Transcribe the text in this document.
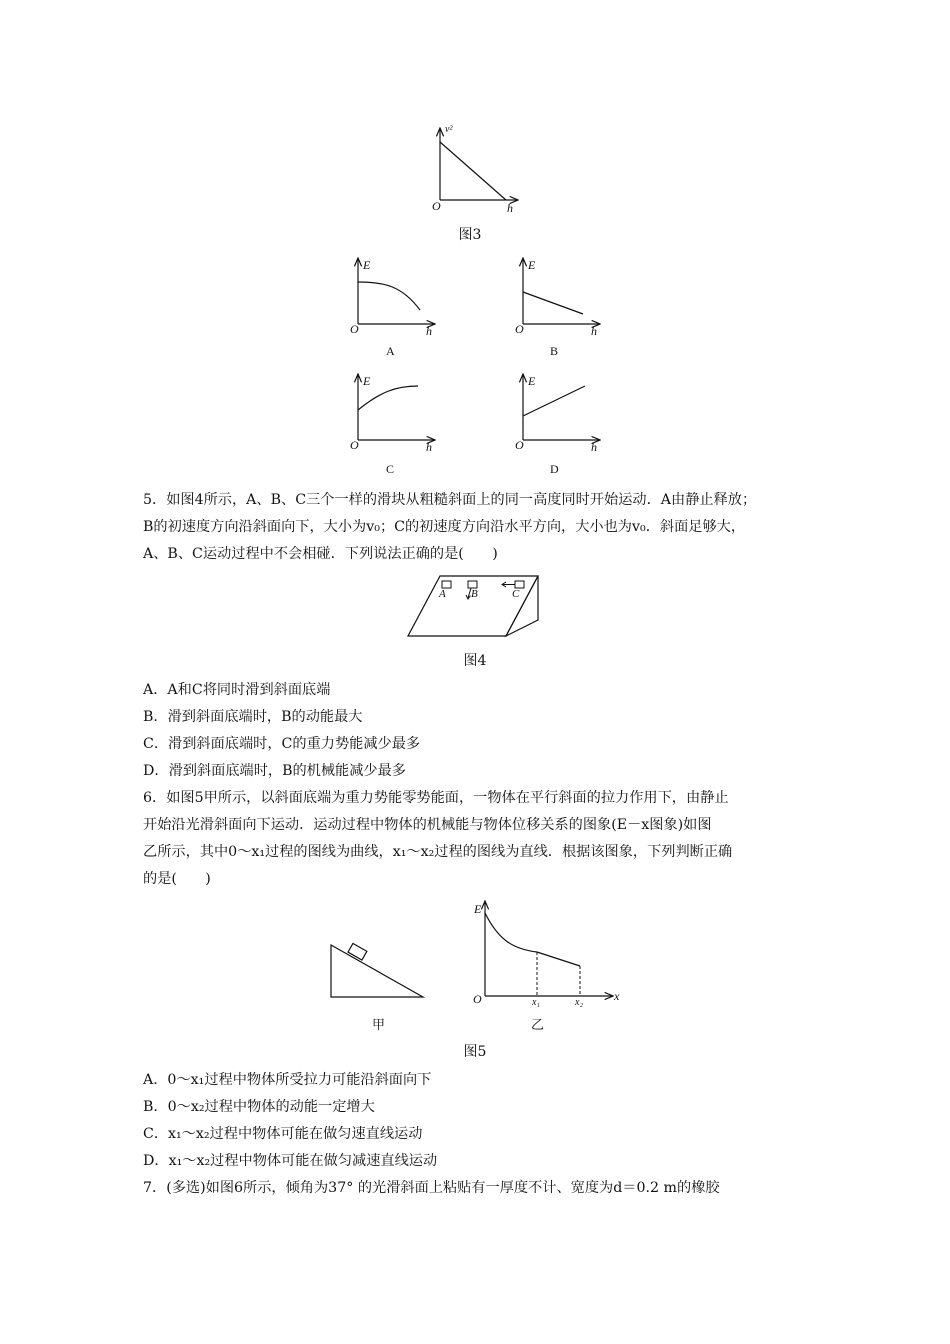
v²
O	h
图3
E
O	h
A
E
O	h
B
E
O	h
C
E
O	h
D
5．如图4所示，A、B、C三个一样的滑块从粗糙斜面上的同一高度同时开始运动．A由静止释放；
B的初速度方向沿斜面向下，大小为v₀；C的初速度方向沿水平方向，大小也为v₀．斜面足够大，
A、B、C运动过程中不会相碰．下列说法正确的是(　　)
A B	C
图4
A．A和C将同时滑到斜面底端
B．滑到斜面底端时，B的动能最大
C．滑到斜面底端时，C的重力势能减少最多
D．滑到斜面底端时，B的机械能减少最多
6．如图5甲所示，以斜面底端为重力势能零势能面，一物体在平行斜面的拉力作用下，由静止
开始沿光滑斜面向下运动．运动过程中物体的机械能与物体位移关系的图象(E－x图象)如图
乙所示，其中0～x₁过程的图线为曲线，x₁～x₂过程的图线为直线．根据该图象，下列判断正确
的是(　　)
甲
E
O	x
x₁	x₂
乙
图5
A．0～x₁过程中物体所受拉力可能沿斜面向下
B．0～x₂过程中物体的动能一定增大
C．x₁～x₂过程中物体可能在做匀速直线运动
D．x₁～x₂过程中物体可能在做匀减速直线运动
7．(多选)如图6所示，倾角为37° 的光滑斜面上粘贴有一厚度不计、宽度为d＝0.2 m的橡胶
